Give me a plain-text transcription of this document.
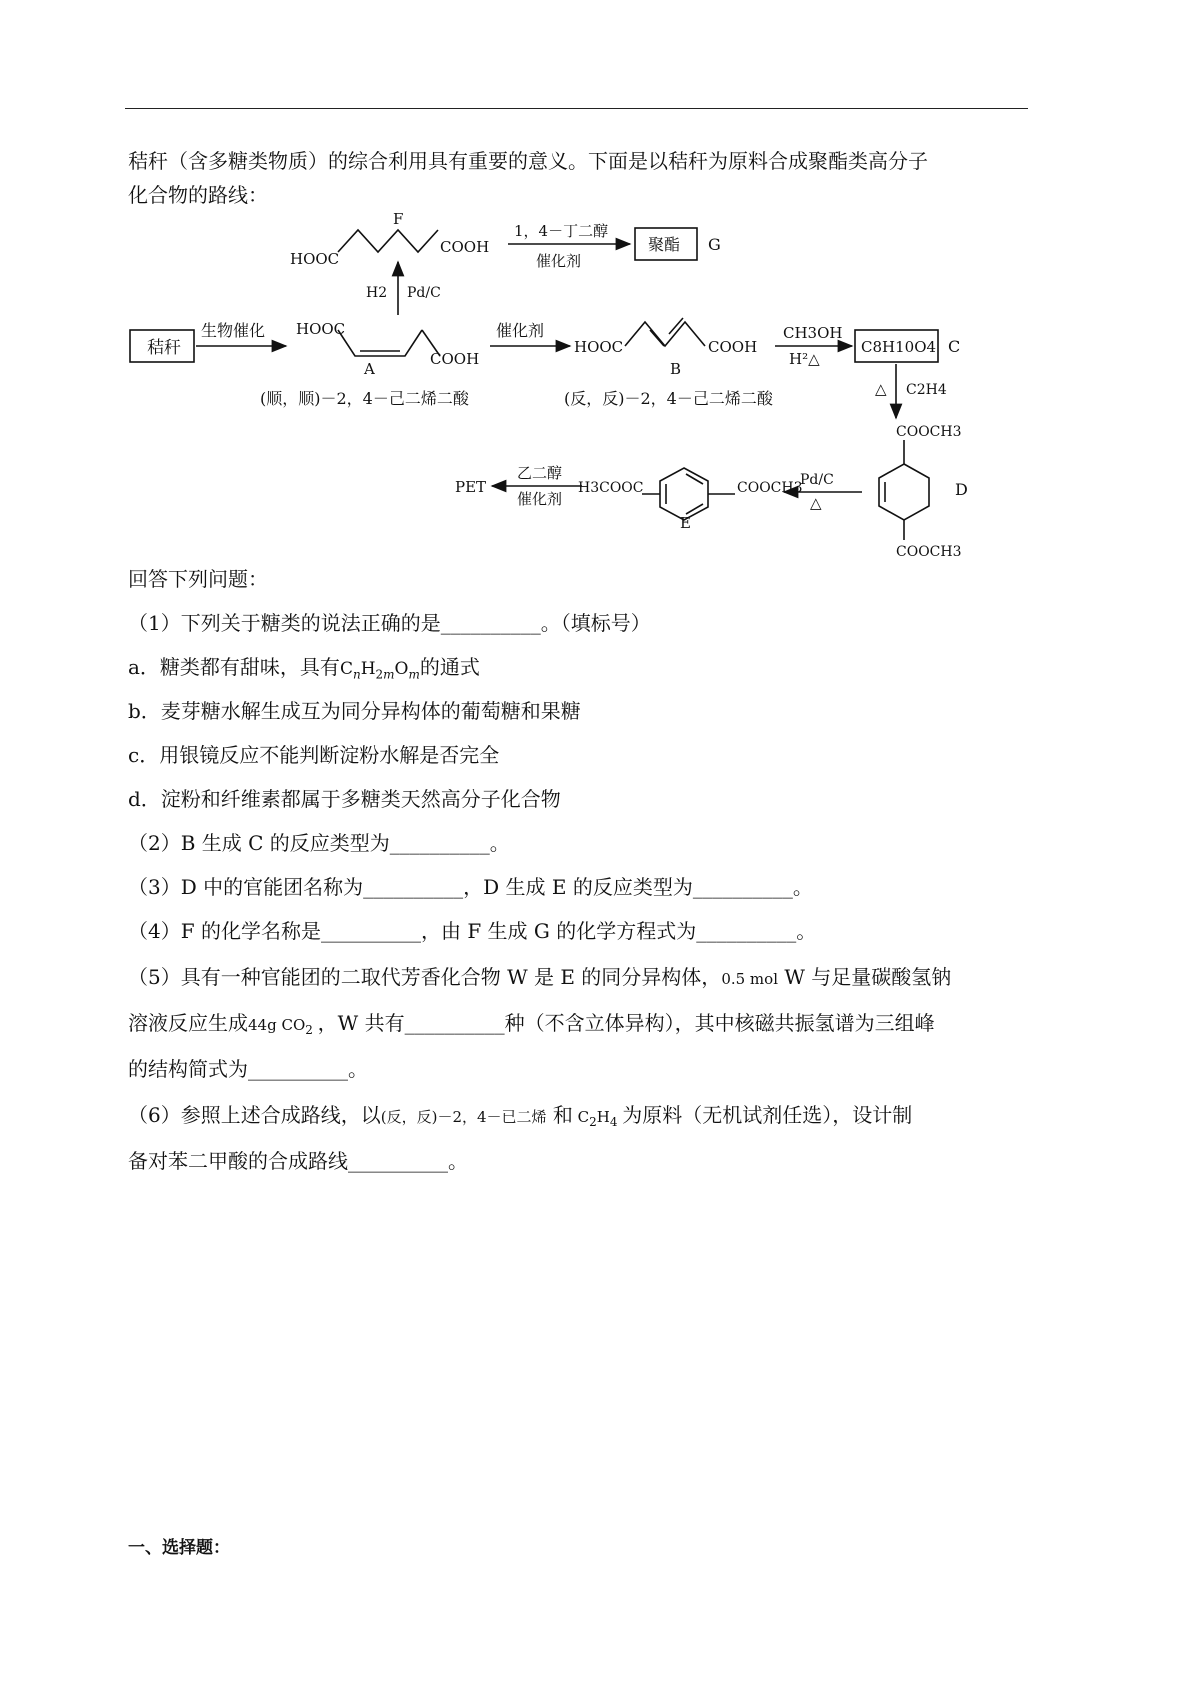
秸秆（含多糖类物质）的综合利用具有重要的意义。下面是以秸秆为原料合成聚酯类高分子
化合物的路线：
秸秆
生物催化 HOOC
COOH
A
(顺，顺)－2，4－己二烯二酸
催化剂
HOOC	COOH
B
(反，反)－2，4－己二烯二酸
CH3OH
H²△
C8H10O4 C
F
HOOC
COOH
H2 Pd/C
1，4－丁二醇
催化剂
聚酯 G
△ C2H4
COOCH3
COOCH3
D
Pd/C
△
H3COOC	COOCH3
E
乙二醇
催化剂
PET
回答下列问题：
（1）下列关于糖类的说法正确的是__________。（填标号）
a．糖类都有甜味，具有$C_nH_{2m}O_m$的通式
b．麦芽糖水解生成互为同分异构体的葡萄糖和果糖
c．用银镜反应不能判断淀粉水解是否完全
d．淀粉和纤维素都属于多糖类天然高分子化合物
（2）B 生成 C 的反应类型为__________。
（3）D 中的官能团名称为__________，D 生成 E 的反应类型为__________。
（4）F 的化学名称是__________，由 F 生成 G 的化学方程式为__________。
（5）具有一种官能团的二取代芳香化合物 W 是 E 的同分异构体，0.5 mol W 与足量碳酸氢钠
溶液反应生成44g $CO_2$ ，W 共有__________种（不含立体异构），其中核磁共振氢谱为三组峰
的结构简式为__________。
（6）参照上述合成路线，以(反，反)－2，4－已二烯 和 $C_2H_4$ 为原料（无机试剂任选），设计制
备对苯二甲酸的合成路线__________。
一、选择题：
